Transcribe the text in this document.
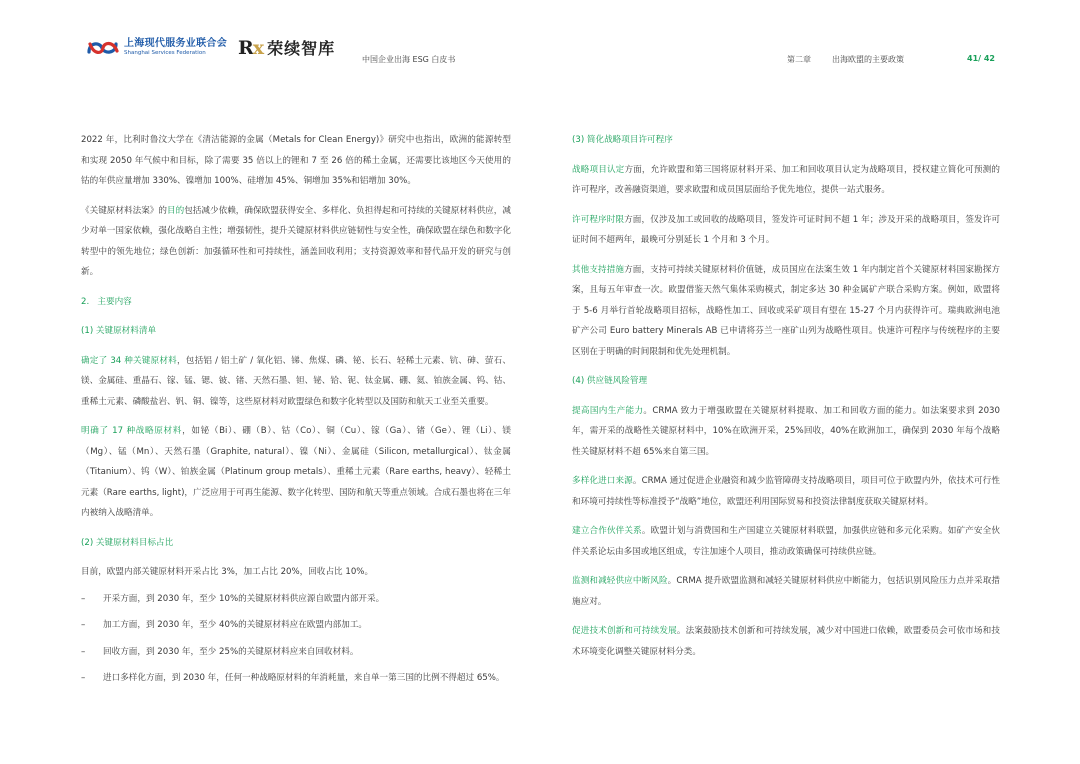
上海现代服务业联合会
Shanghai Services Federation	Rx 荣续智库
中国企业出海 ESG 白皮书	第二章	出海欧盟的主要政策	41/ 42

2022 年，比利时鲁汶大学在《清洁能源的金属（Metals for Clean Energy)》研究中也指出，欧洲的能源转型和实现 2050 年气候中和目标，除了需要 35 倍以上的锂和 7 至 26 倍的稀土金属，还需要比该地区今天使用的钴的年供应量增加 330%、镍增加 100%、硅增加 45%、铜增加 35%和铝增加 30%。

《关键原材料法案》的目的包括减少依赖，确保欧盟获得安全、多样化、负担得起和可持续的关键原材料供应，减少对单一国家依赖，强化战略自主性；增强韧性，提升关键原材料供应链韧性与安全性，确保欧盟在绿色和数字化转型中的领先地位；绿色创新：加强循环性和可持续性，涵盖回收利用；支持资源效率和替代品开发的研究与创新。

2.   主要内容

(1) 关键原材料清单

确定了 34 种关键原材料，包括铝 / 铝土矿 / 氧化铝、锑、焦煤、磷、铋、长石、轻稀土元素、钪、砷、萤石、镁、金属硅、重晶石、镓、锰、锶、铍、锗、天然石墨、钽、铋、铪、铌、钛金属、硼、氦、铂族金属、钨、钴、重稀土元素、磷酸盐岩、钒、铜、镍等，这些原材料对欧盟绿色和数字化转型以及国防和航天工业至关重要。

明确了 17 种战略原材料，如铋（Bi）、硼（B）、钴（Co）、铜（Cu）、镓（Ga）、锗（Ge）、锂（Li）、镁（Mg）、锰（Mn）、天然石墨（Graphite, natural）、镍（Ni）、金属硅（Silicon, metallurgical）、钛金属（Titanium）、钨（W）、铂族金属（Platinum group metals）、重稀土元素（Rare earths, heavy）、轻稀土元素（Rare earths, light)，广泛应用于可再生能源、数字化转型、国防和航天等重点领域。合成石墨也将在三年内被纳入战略清单。

(2) 关键原材料目标占比

目前，欧盟内部关键原材料开采占比 3%，加工占比 20%，回收占比 10%。

–	开采方面，到 2030 年，至少 10%的关键原材料供应源自欧盟内部开采。
–	加工方面，到 2030 年，至少 40%的关键原材料应在欧盟内部加工。
–	回收方面，到 2030 年，至少 25%的关键原材料应来自回收材料。
–	进口多样化方面，到 2030 年，任何一种战略原材料的年消耗量，来自单一第三国的比例不得超过 65%。

(3) 简化战略项目许可程序

战略项目认定方面，允许欧盟和第三国将原材料开采、加工和回收项目认定为战略项目，授权建立简化可预测的许可程序，改善融资渠道，要求欧盟和成员国层面给予优先地位，提供一站式服务。

许可程序时限方面，仅涉及加工或回收的战略项目，签发许可证时间不超 1 年；涉及开采的战略项目，签发许可证时间不超两年，最晚可分别延长 1 个月和 3 个月。

其他支持措施方面，支持可持续关键原材料价值链，成员国应在法案生效 1 年内制定首个关键原材料国家勘探方案，且每五年审查一次。欧盟借鉴天然气集体采购模式，制定多达 30 种金属矿产联合采购方案。例如，欧盟将于 5-6 月举行首轮战略项目招标，战略性加工、回收或采矿项目有望在 15-27 个月内获得许可。瑞典欧洲电池矿产公司 Euro battery Minerals AB 已申请将芬兰一座矿山列为战略性项目。快速许可程序与传统程序的主要区别在于明确的时间限制和优先处理机制。

(4) 供应链风险管理

提高国内生产能力。CRMA 致力于增强欧盟在关键原材料提取、加工和回收方面的能力。如法案要求到 2030 年，需开采的战略性关键原材料中，10%在欧洲开采，25%回收，40%在欧洲加工，确保到 2030 年每个战略性关键原材料不超 65%来自第三国。

多样化进口来源。CRMA 通过促进企业融资和减少监管障碍支持战略项目，项目可位于欧盟内外，依技术可行性和环境可持续性等标准授予“战略”地位，欧盟还利用国际贸易和投资法律制度获取关键原材料。

建立合作伙伴关系。欧盟计划与消费国和生产国建立关键原材料联盟，加强供应链和多元化采购。如矿产安全伙伴关系论坛由多国或地区组成，专注加速个人项目，推动政策确保可持续供应链。

监测和减轻供应中断风险。CRMA 提升欧盟监测和减轻关键原材料供应中断能力，包括识别风险压力点并采取措施应对。

促进技术创新和可持续发展。法案鼓励技术创新和可持续发展，减少对中国进口依赖，欧盟委员会可依市场和技术环境变化调整关键原材料分类。
